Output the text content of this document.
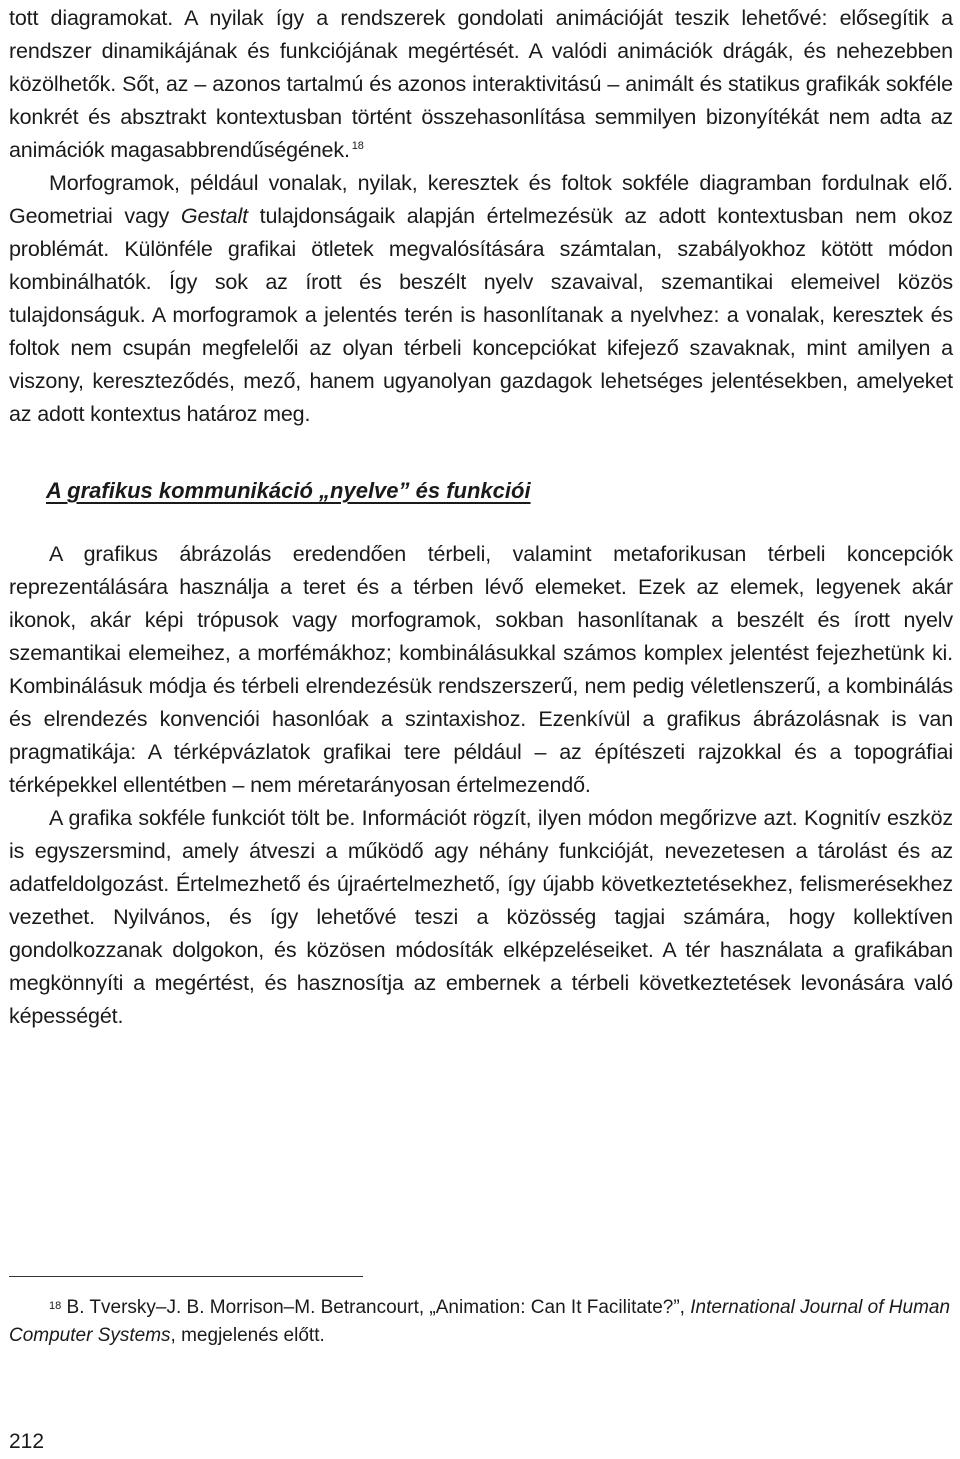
tott diagramokat. A nyilak így a rendszerek gondolati animációját teszik lehetővé: elősegítik a rendszer dinamikájának és funkciójának megértését. A valódi animációk drágák, és nehezebben közölhetők. Sőt, az – azonos tartalmú és azonos interaktivitású – animált és statikus grafikák sokféle konkrét és absztrakt kontextusban történt összehasonlítása semmilyen bizonyítékát nem adta az animációk magasabbrendűségének. $^{18}$

Morfogramok, például vonalak, nyilak, keresztek és foltok sokféle diagramban fordulnak elő. Geometriai vagy Gestalt tulajdonságaik alapján értelmezésük az adott kontextusban nem okoz problémát. Különféle grafikai ötletek megvalósítására számtalan, szabályokhoz kötött módon kombinálhatók. Így sok az írott és beszélt nyelv szavaival, szemantikai elemeivel közös tulajdonságuk. A morfogramok a jelentés terén is hasonlítanak a nyelvhez: a vonalak, keresztek és foltok nem csupán megfelelői az olyan térbeli koncepciókat kifejező szavaknak, mint amilyen a viszony, kereszteződés, mező, hanem ugyanolyan gazdagok lehetséges jelentésekben, amelyeket az adott kontextus határoz meg.

A grafikus kommunikáció „nyelve” és funkciói

A grafikus ábrázolás eredendően térbeli, valamint metaforikusan térbeli koncepciók reprezentálására használja a teret és a térben lévő elemeket. Ezek az elemek, legyenek akár ikonok, akár képi trópusok vagy morfogramok, sokban hasonlítanak a beszélt és írott nyelv szemantikai elemeihez, a morfémákhoz; kombinálásukkal számos komplex jelentést fejezhetünk ki. Kombinálásuk módja és térbeli elrendezésük rendszerszerű, nem pedig véletlenszerű, a kombinálás és elrendezés konvenciói hasonlóak a szintaxishoz. Ezenkívül a grafikus ábrázolásnak is van pragmatikája: A térképvázlatok grafikai tere például – az építészeti rajzokkal és a topográfiai térképekkel ellentétben – nem méretarányosan értelmezendő.

A grafika sokféle funkciót tölt be. Információt rögzít, ilyen módon megőrizve azt. Kognitív eszköz is egyszersmind, amely átveszi a működő agy néhány funkcióját, nevezetesen a tárolást és az adatfeldolgozást. Értelmezhető és újraértelmezhető, így újabb következtetésekhez, felismerésekhez vezethet. Nyilvános, és így lehetővé teszi a közösség tagjai számára, hogy kollektíven gondolkozzanak dolgokon, és közösen módosíták elképzeléseiket. A tér használata a grafikában megkönnyíti a megértést, és hasznosítja az embernek a térbeli következtetések levonására való képességét.

$^{18}$ B. Tversky–J. B. Morrison–M. Betrancourt, „Animation: Can It Facilitate?”, International Journal of Human Computer Systems, megjelenés előtt.

212
